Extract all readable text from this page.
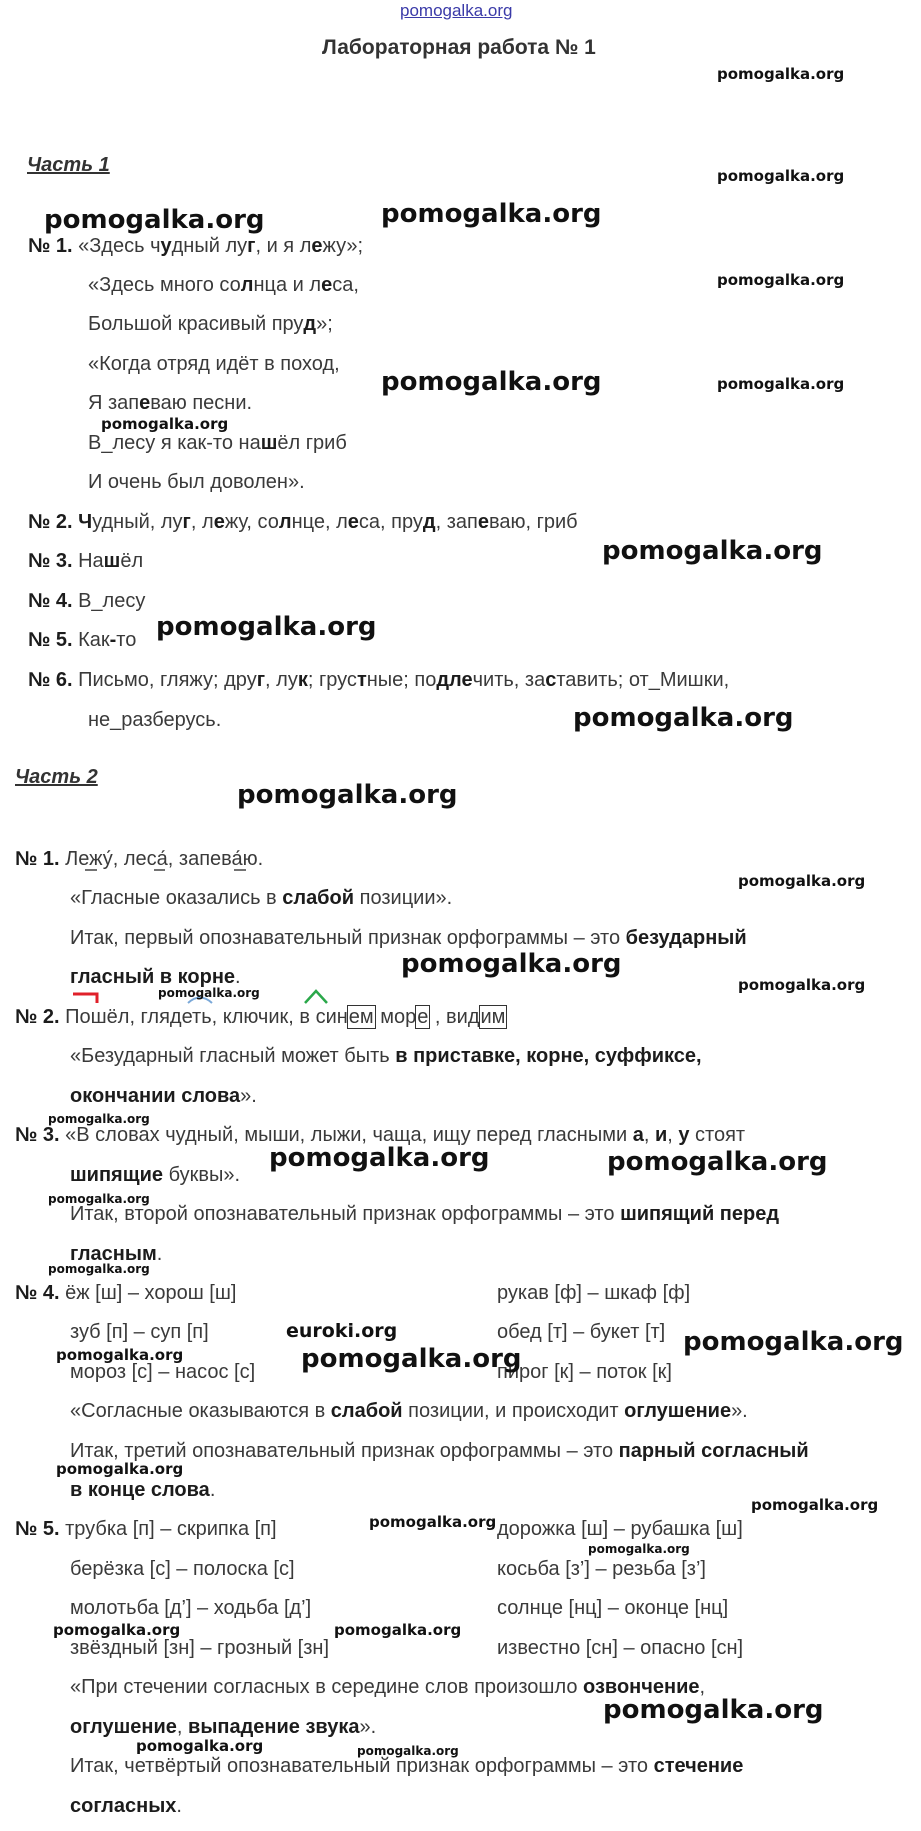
pomogalka.org
Лабораторная работа № 1
Часть 1
№ 1. «Здесь чудный луг, и я лежу»;
«Здесь много солнца и леса,
Большой красивый пруд»;
«Когда отряд идёт в поход,
Я запеваю песни.
В_лесу я как-то нашёл гриб
И очень был доволен».
№ 2. Чудный, луг, лежу, солнце, леса, пруд, запеваю, гриб
№ 3. Нашёл
№ 4. В_лесу
№ 5. Как-то
№ 6. Письмо, гляжу; друг, лук; грустные; подлечить, заставить; от_Мишки,
не_разберусь.
Часть 2
№ 1. Лежу́, леса́, запева́ю.
«Гласные оказались в слабой позиции».
Итак, первый опознавательный признак орфограммы – это безударный
гласный в корне.
№ 2. Пошёл, глядеть, ключик, в синем море , видим
«Безударный гласный может быть в приставке, корне, суффиксе,
окончании слова».
№ 3. «В словах чудный, мыши, лыжи, чаща, ищу перед гласными а, и, у стоят
шипящие буквы».
Итак, второй опознавательный признак орфограммы – это шипящий перед
гласным.
№ 4. ёж [ш] – хорош [ш]	рукав [ф] – шкаф [ф]
зуб [п] – суп [п]	обед [т] – букет [т]
мороз [с] – насос [с]	пирог [к] – поток [к]
«Согласные оказываются в слабой позиции, и происходит оглушение».
Итак, третий опознавательный признак орфограммы – это парный согласный
в конце слова.
№ 5. трубка [п] – скрипка [п]	дорожка [ш] – рубашка [ш]
берёзка [с] – полоска [с]	косьба [з’] – резьба [з’]
молотьба [д’] – ходьба [д’]	солнце [нц] – оконце [нц]
звёздный [зн] – грозный [зн]	известно [сн] – опасно [сн]
«При стечении согласных в середине слов произошло озвончение,
оглушение, выпадение звука».
Итак, четвёртый опознавательный признак орфограммы – это стечение
согласных.
pomogalka.org
pomogalka.org
pomogalka.org	pomogalka.org
pomogalka.org
pomogalka.org	pomogalka.org
pomogalka.org
pomogalka.org
pomogalka.org
pomogalka.org
pomogalka.org
pomogalka.org
pomogalka.org
pomogalka.org
pomogalka.org
pomogalka.org
pomogalka.org	pomogalka.org
pomogalka.org
pomogalka.org
euroki.org	pomogalka.org
pomogalka.org	pomogalka.org
pomogalka.org
pomogalka.org
pomogalka.org
pomogalka.org
pomogalka.org	pomogalka.org
pomogalka.org
pomogalka.org	pomogalka.org
